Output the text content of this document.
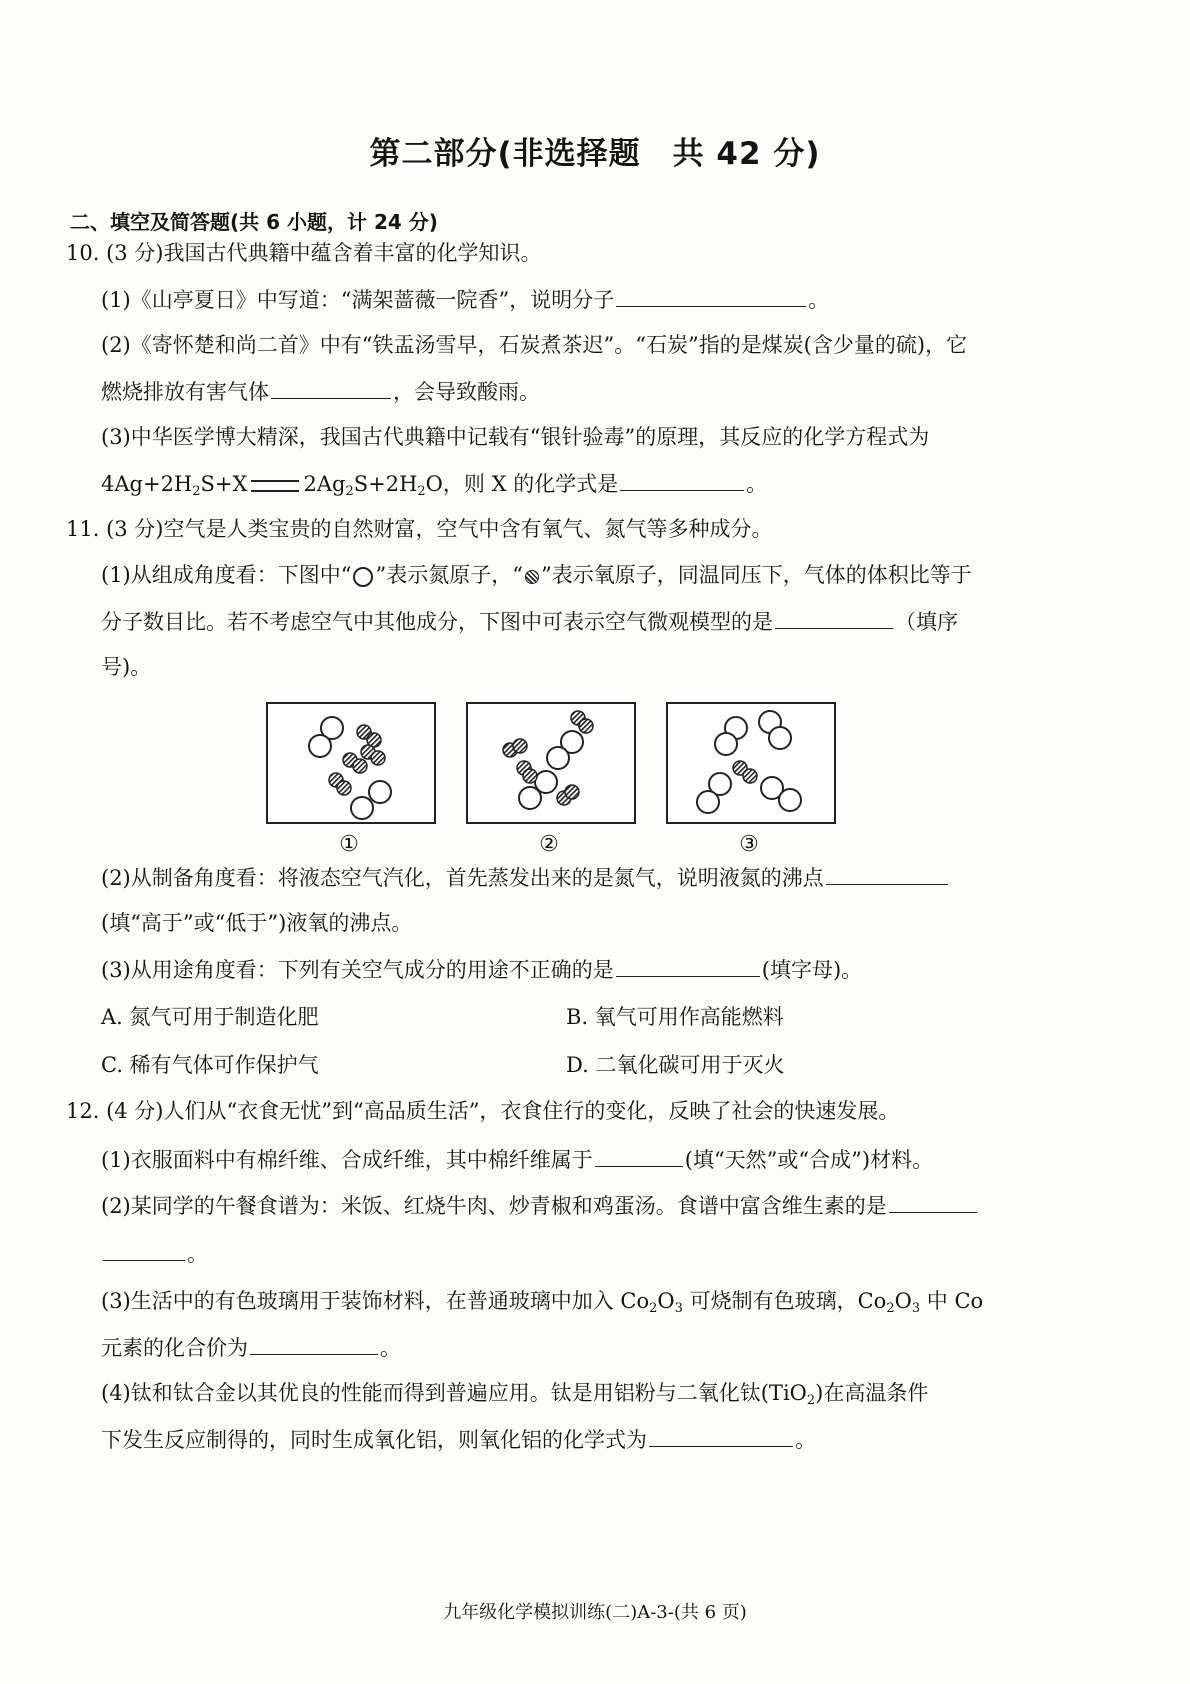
第二部分(非选择题　共 42 分)
二、填空及简答题(共 6 小题，计 24 分)
10. (3 分)我国古代典籍中蕴含着丰富的化学知识。
(1)《山亭夏日》中写道：“满架蔷薇一院香”，说明分子	。
(2)《寄怀楚和尚二首》中有“铁盂汤雪早，石炭煮茶迟”。“石炭”指的是煤炭(含少量的硫)，它
燃烧排放有害气体	，会导致酸雨。
(3)中华医学博大精深，我国古代典籍中记载有“银针验毒”的原理，其反应的化学方程式为
$4Ag+2H_2S+X$	$2Ag_2S+2H_2O$，则 X 的化学式是	。
11. (3 分)空气是人类宝贵的自然财富，空气中含有氧气、氮气等多种成分。
(1)从组成角度看：下图中“ ”表示氮原子，“ ”表示氧原子，同温同压下，气体的体积比等于
分子数目比。若不考虑空气中其他成分，下图中可表示空气微观模型的是	（填序
号)。
①	②	③
(2)从制备角度看：将液态空气汽化，首先蒸发出来的是氮气，说明液氮的沸点
(填“高于”或“低于”)液氧的沸点。
(3)从用途角度看：下列有关空气成分的用途不正确的是	(填字母)。
A. 氮气可用于制造化肥	B. 氧气可用作高能燃料
C. 稀有气体可作保护气	D. 二氧化碳可用于灭火
12. (4 分)人们从“衣食无忧”到“高品质生活”，衣食住行的变化，反映了社会的快速发展。
(1)衣服面料中有棉纤维、合成纤维，其中棉纤维属于	(填“天然”或“合成”)材料。
(2)某同学的午餐食谱为：米饭、红烧牛肉、炒青椒和鸡蛋汤。食谱中富含维生素的是
。
(3)生活中的有色玻璃用于装饰材料，在普通玻璃中加入 $Co_2O_3$ 可烧制有色玻璃，$Co_2O_3$ 中 Co
元素的化合价为	。
(4)钛和钛合金以其优良的性能而得到普遍应用。钛是用铝粉与二氧化钛(TiO$_2$)在高温条件
下发生反应制得的，同时生成氧化铝，则氧化铝的化学式为	。
九年级化学模拟训练(二)A-3-(共 6 页)
